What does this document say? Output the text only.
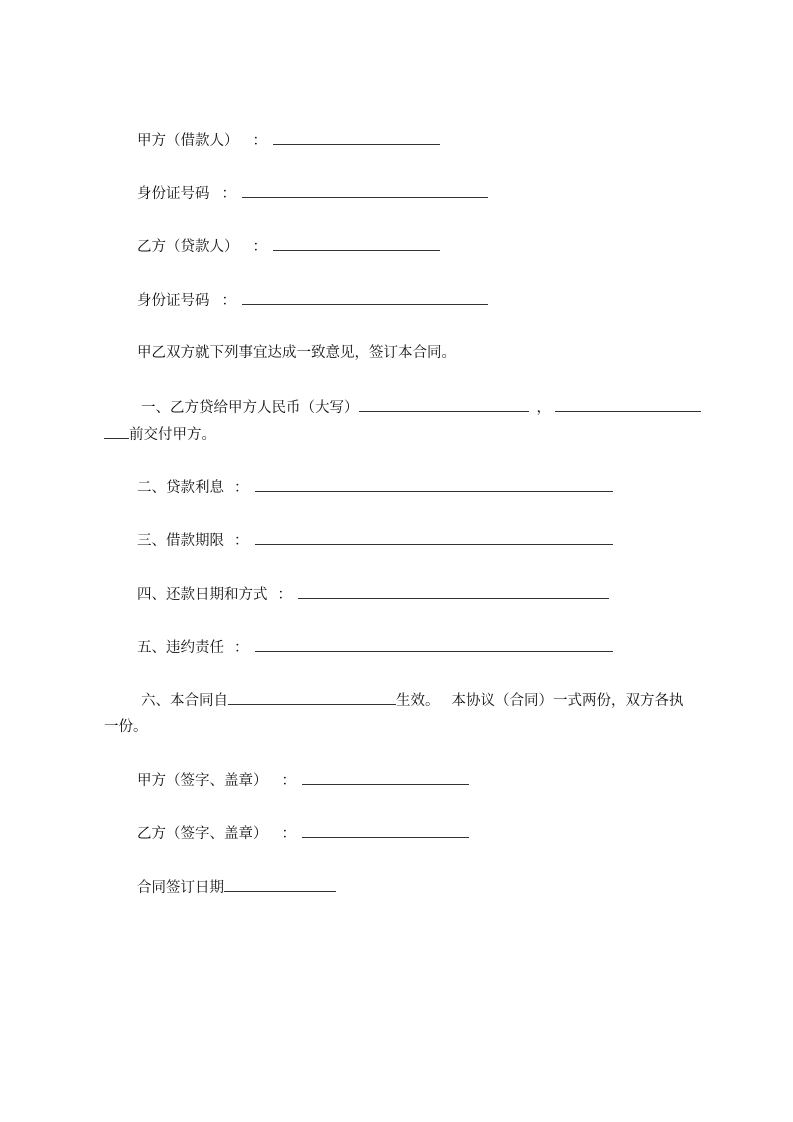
甲方（借款人） ：
身份证号码 ：
乙方（贷款人） ：
身份证号码 ：
甲乙双方就下列事宜达成一致意见，签订本合同。
一、乙方贷给甲方人民币（大写）	，
前交付甲方。
二、贷款利息 ：
三、借款期限 ：
四、还款日期和方式 ：
五、违约责任 ：
六、本合同自	生效。 本协议（合同）一式两份，双方各执
一份。
甲方（签字、盖章） ：
乙方（签字、盖章） ：
合同签订日期
